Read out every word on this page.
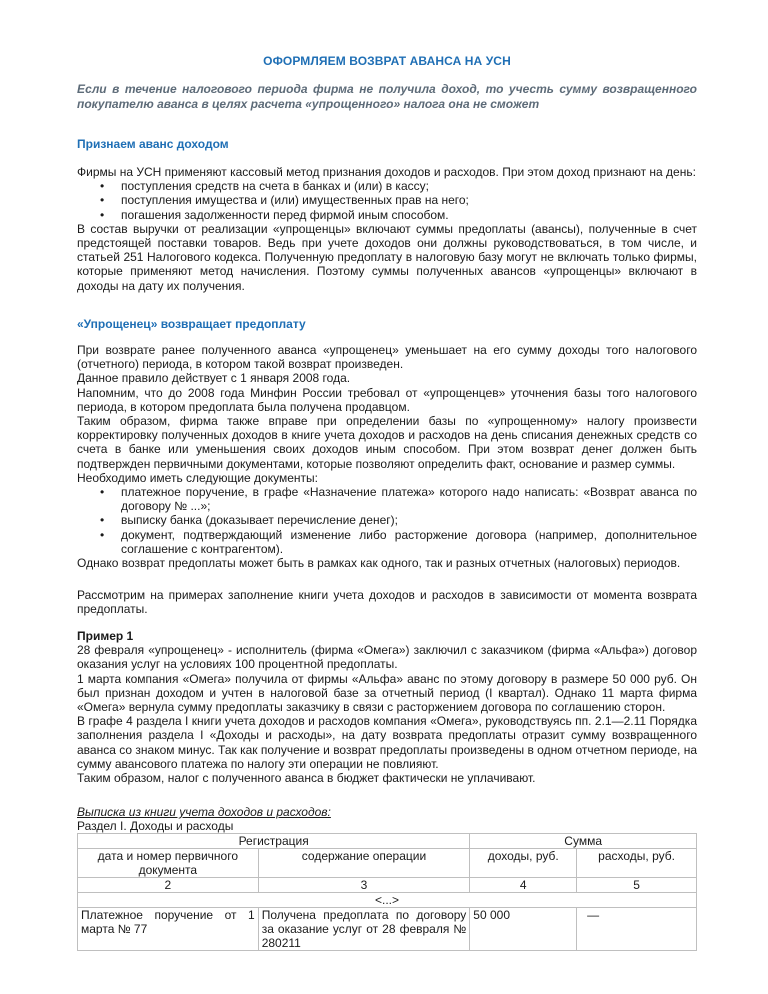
ОФОРМЛЯЕМ ВОЗВРАТ АВАНСА НА УСН
Если в течение налогового периода фирма не получила доход, то учесть сумму возвращенного покупателю аванса в целях расчета «упрощенного» налога она не сможет
Признаем аванс доходом

Фирмы на УСН применяют кассовый метод признания доходов и расходов. При этом доход признают на день:

• поступления средств на счета в банках и (или) в кассу;
• поступления имущества и (или) имущественных прав на него;
• погашения задолженности перед фирмой иным способом.

В состав выручки от реализации «упрощенцы» включают суммы предоплаты (авансы), полученные в счет предстоящей поставки товаров. Ведь при учете доходов они должны руководствоваться, в том числе, и статьей 251 Налогового кодекса. Полученную предоплату в налоговую базу могут не включать только фирмы, которые применяют метод начисления. Поэтому суммы полученных авансов «упрощенцы» включают в доходы на дату их получения.

«Упрощенец» возвращает предоплату

При возврате ранее полученного аванса «упрощенец» уменьшает на его сумму доходы того налогового (отчетного) периода, в котором такой возврат произведен.

Данное правило действует с 1 января 2008 года.

Напомним, что до 2008 года Минфин России требовал от «упрощенцев» уточнения базы того налогового периода, в котором предоплата была получена продавцом.

Таким образом, фирма также вправе при определении базы по «упрощенному» налогу произвести корректировку полученных доходов в книге учета доходов и расходов на день списания денежных средств со счета в банке или уменьшения своих доходов иным способом. При этом возврат денег должен быть подтвержден первичными документами, которые позволяют определить факт, основание и размер суммы.

Необходимо иметь следующие документы:

• платежное поручение, в графе «Назначение платежа» которого надо написать: «Возврат аванса по договору № ...»;
• выписку банка (доказывает перечисление денег);
• документ, подтверждающий изменение либо расторжение договора (например, дополнительное соглашение с контрагентом).

Однако возврат предоплаты может быть в рамках как одного, так и разных отчетных (налоговых) периодов.

Рассмотрим на примерах заполнение книги учета доходов и расходов в зависимости от момента возврата предоплаты.

Пример 1

28 февраля «упрощенец» - исполнитель (фирма «Омега») заключил с заказчиком (фирма «Альфа») договор оказания услуг на условиях 100 процентной предоплаты.

1 марта компания «Омега» получила от фирмы «Альфа» аванс по этому договору в размере 50 000 руб. Он был признан доходом и учтен в налоговой базе за отчетный период (I квартал). Однако 11 марта фирма «Омега» вернула сумму предоплаты заказчику в связи с расторжением договора по соглашению сторон.

В графе 4 раздела I книги учета доходов и расходов компания «Омега», руководствуясь пп. 2.1—2.11 Порядка заполнения раздела I «Доходы и расходы», на дату возврата предоплаты отразит сумму возвращенного аванса со знаком минус. Так как получение и возврат предоплаты произведены в одном отчетном периоде, на сумму авансового платежа по налогу эти операции не повлияют.

Таким образом, налог с полученного аванса в бюджет фактически не уплачивают.

Выписка из книги учета доходов и расходов:

Раздел I. Доходы и расходы

Регистрация		Сумма	
дата и номер первичного документа	содержание операции	доходы, руб.	расходы, руб.
2	3	4	5
<...>			
Платежное поручение от 1 марта № 77	Получена предоплата по договору за оказание услуг от 28 февраля № 280211	50 000	—
